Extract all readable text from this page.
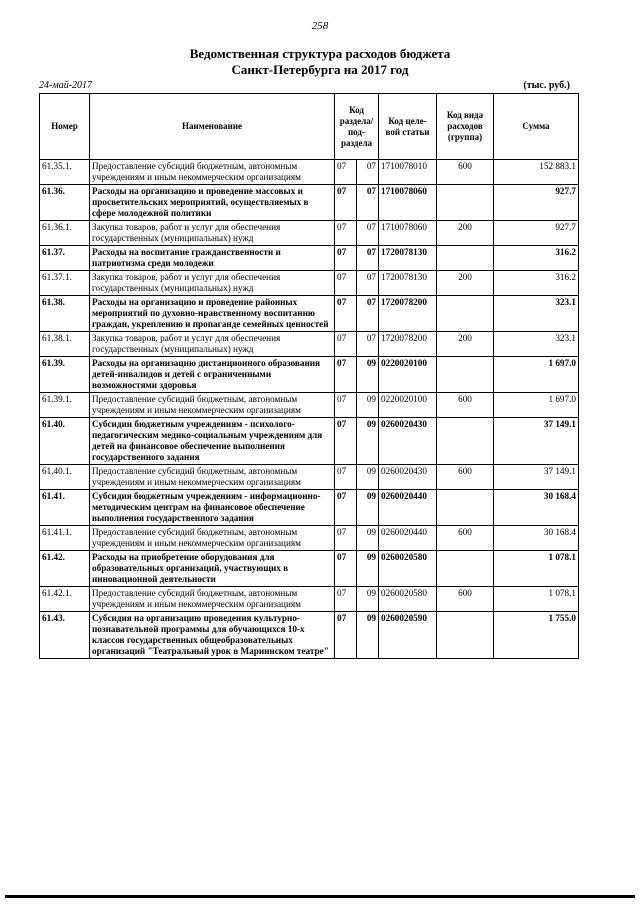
258
Ведомственная структура расходов бюджета
Санкт-Петербурга на 2017 год
24-май-2017	(тыс. руб.)
Номер	Наименование	Код раздела/ под- раздела		Код целе- вой статьи	Код вида расходов (группа)	Сумма
61.35.1.	Предоставление субсидий бюджетным, автономным учреждениям и иным некоммерческим организациям	07	07	1710078010	600	152 883.1
61.36.	Расходы на организацию и проведение массовых и просветительских мероприятий, осуществляемых в сфере молодежной политики	07	07	1710078060		927.7
61.36.1.	Закупка товаров, работ и услуг для обеспечения государственных (муниципальных) нужд	07	07	1710078060	200	927.7
61.37.	Расходы на воспитание гражданственности и патриотизма среди молодежи	07	07	1720078130		316.2
61.37.1.	Закупка товаров, работ и услуг для обеспечения государственных (муниципальных) нужд	07	07	1720078130	200	316.2
61.38.	Расходы на организацию и проведение районных мероприятий по духовно-нравственному воспитанию граждан, укреплению и пропаганде семейных ценностей	07	07	1720078200		323.1
61.38.1.	Закупка товаров, работ и услуг для обеспечения государственных (муниципальных) нужд	07	07	1720078200	200	323.1
61.39.	Расходы на организацию дистанционного образования детей-инвалидов и детей с ограниченными возможностями здоровья	07	09	0220020100		1 697.0
61.39.1.	Предоставление субсидий бюджетным, автономным учреждениям и иным некоммерческим организациям	07	09	0220020100	600	1 697.0
61.40.	Субсидии бюджетным учреждениям - психолого-педагогическим медико-социальным учреждениям для детей на финансовое обеспечение выполнения государственного задания	07	09	0260020430		37 149.1
61.40.1.	Предоставление субсидий бюджетным, автономным учреждениям и иным некоммерческим организациям	07	09	0260020430	600	37 149.1
61.41.	Субсидия бюджетным учреждениям - информационно-методическим центрам на финансовое обеспечение выполнения государственного задания	07	09	0260020440		30 168.4
61.41.1.	Предоставление субсидий бюджетным, автономным учреждениям и иным некоммерческим организациям	07	09	0260020440	600	30 168.4
61.42.	Расходы на приобретение оборудования для образовательных организаций, участвующих в инновационной деятельности	07	09	0260020580		1 078.1
61.42.1.	Предоставление субсидий бюджетным, автономным учреждениям и иным некоммерческим организациям	07	09	0260020580	600	1 078.1
61.43.	Субсидия на организацию проведения культурно-познавательной программы для обучающихся 10-х классов государственных общеобразовательных организаций "Театральный урок в Мариинском театре"	07	09	0260020590		1 755.0
